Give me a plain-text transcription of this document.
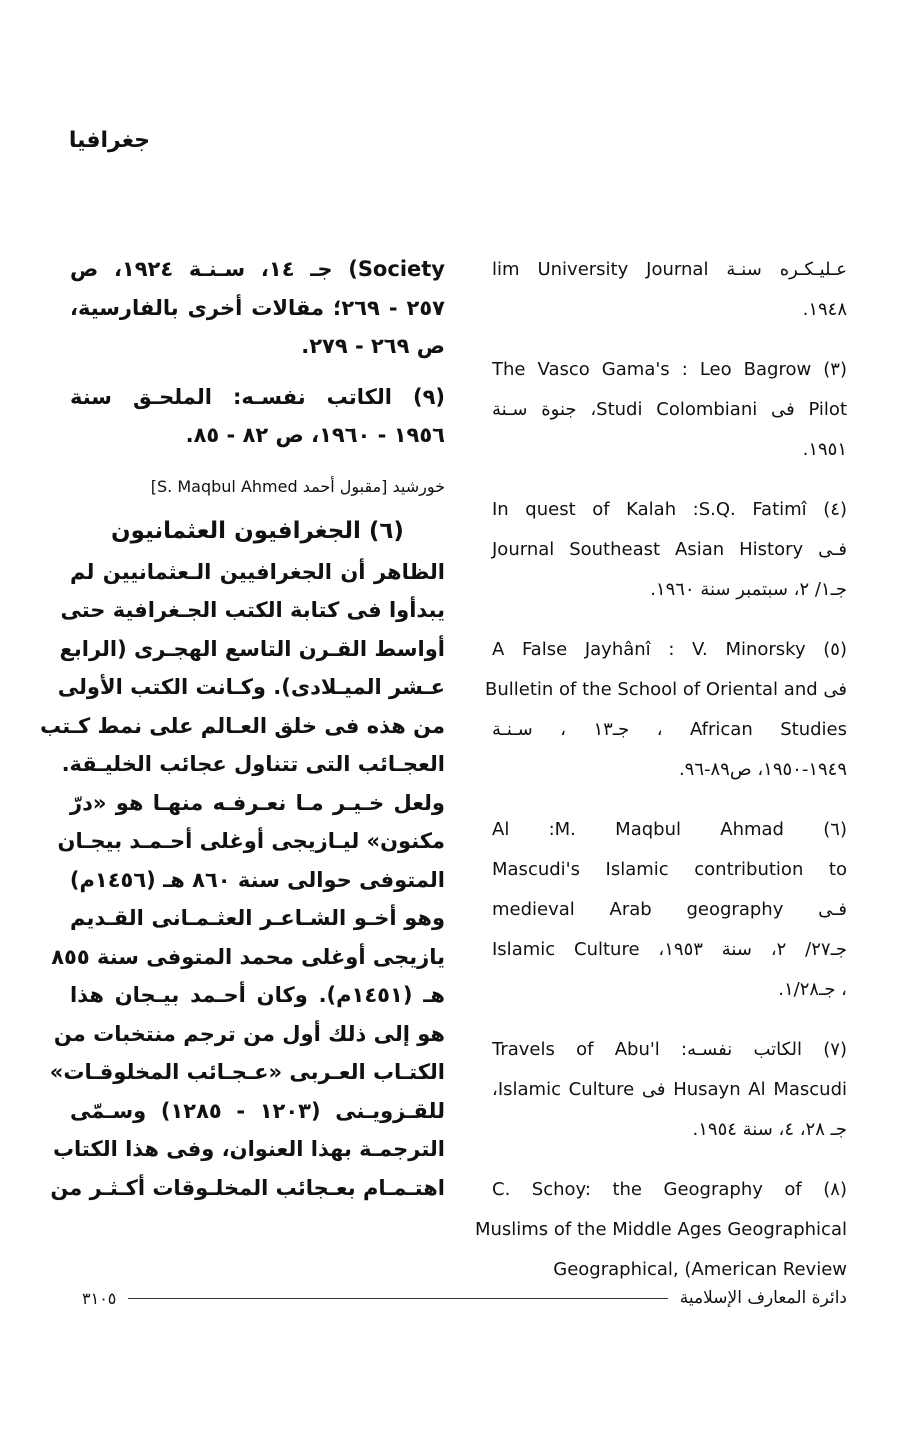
جغرافيا
عـليـكـره سنـة lim University Journal
١٩٤٨.
(٣) The Vasco Gama's : Leo Bagrow
Pilot فى Studi Colombiani، جنوة سـنة
١٩٥١.
(٤) In quest of Kalah :S.Q. Fatimî
فـى Journal Southeast Asian History
جـ١/ ٢، سبتمبر سنة ١٩٦٠.
(٥) A False Jayhânî : V. Minorsky
فى Bulletin of the School of Oriental and
African Studies ، جـ١٣ ، سـنـة
١٩٤٩-١٩٥٠، ص٨٩-٩٦.
(٦) Al :M. Maqbul Ahmad
Mascudi's Islamic contribution to
فـى medieval Arab geography
جـ٢٧/ ٢، سنة ١٩٥٣، Islamic Culture
، جـ١/٢٨.
(٧) الكاتب نفسـه: Travels of Abu'l
Husayn Al Mascudi فى Islamic Culture،
جـ ٢٨، ٤، سنة ١٩٥٤.
(٨) C. Schoy: the Geography of
Muslims of the Middle Ages Geographical
Geographical, (American Review
Society) جـ ١٤، سـنـة ١٩٢٤، ص
٢٥٧ - ٢٦٩؛ مقالات أخرى بالفارسية،
ص ٢٦٩ - ٢٧٩.
(٩) الكاتب نفسـه: الملحـق سنة
١٩٥٦ - ١٩٦٠، ص ٨٢ - ٨٥.
خورشيد [مقبول أحمد S. Maqbul Ahmed]
(٦) الجغرافيون العثمانيون
الظاهر أن الجغرافيين الـعثمانيين لم
يبدأوا فى كتابة الكتب الجـغرافية حتى
أواسط القـرن التاسع الهجـرى (الرابع
عـشر الميـلادى). وكـانت الكتب الأولى
من هذه فى خلق العـالم على نمط كـتب
العجـائب التى تتناول عجائب الخليـقة.
ولعل خـيـر مـا نعـرفـه منهـا هو «درّ
مكنون» ليـازيجى أوغلى أحـمـد بيجـان
المتوفى حوالى سنة ٨٦٠ هـ (١٤٥٦م)
وهو أخـو الشـاعـر العثـمـانى القـديم
يازيجى أوغلى محمد المتوفى سنة ٨٥٥
هـ (١٤٥١م). وكان أحـمد بيـجان هذا
هو إلى ذلك أول من ترجم منتخبات من
الكتـاب العـربى «عـجـائب المخلوقـات»
للقـزويـنى (١٢٠٣ - ١٢٨٥) وسـمّى
الترجمـة بهذا العنوان، وفى هذا الكتاب
اهتـمـام بعـجائب المخلـوقات أكـثـر من
٣١٠٥	دائرة المعارف الإسلامية
